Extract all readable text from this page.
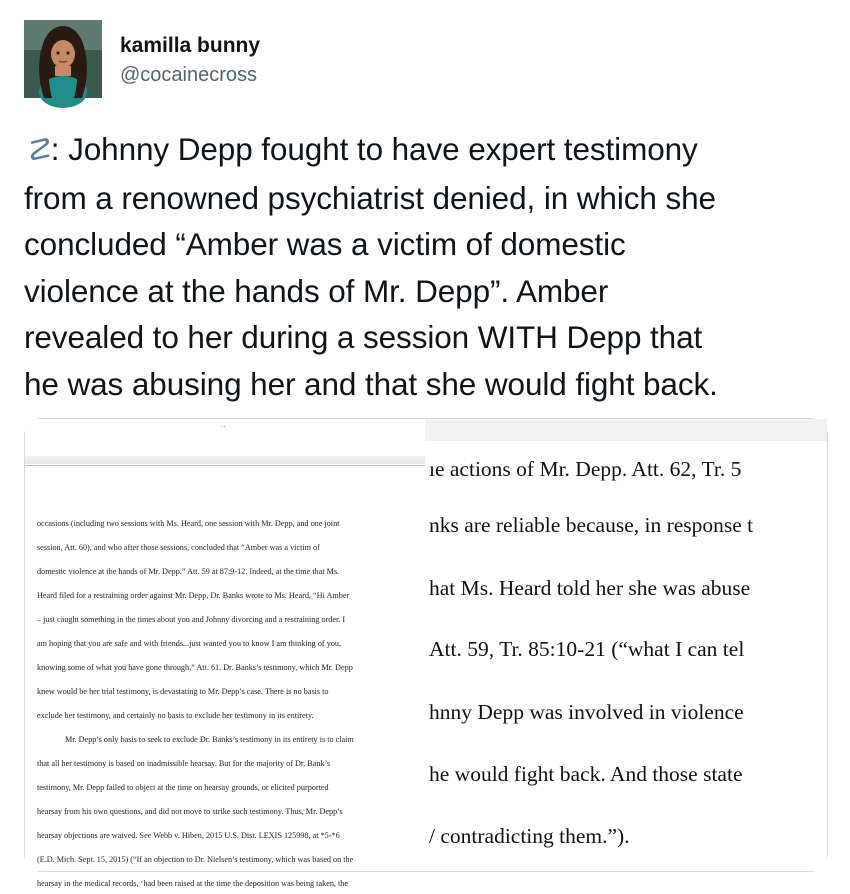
kamilla bunny
@cocainecross
☡: Johnny Depp fought to have expert testimony
from a renowned psychiatrist denied, in which she
concluded “Amber was a victim of domestic
violence at the hands of Mr. Depp”. Amber
revealed to her during a session WITH Depp that
he was abusing her and that she would fight back.
..
occasions (including two sessions with Ms. Heard, one session with Mr. Depp, and one joint
session, Att. 60), and who after those sessions, concluded that “Amber was a victim of
domestic violence at the hands of Mr. Depp.” Att. 59 at 87:9-12. Indeed, at the time that Ms.
Heard filed for a restraining order against Mr. Depp, Dr. Banks wrote to Ms. Heard, “Hi Amber
– just caught something in the times about you and Johnny divorcing and a restraining order. I
am hoping that you are safe and with friends...just wanted you to know I am thinking of you,
knowing some of what you have gone through.” Att. 61. Dr. Banks’s testimony, which Mr. Depp
knew would be her trial testimony, is devastating to Mr. Depp’s case. There is no basis to
exclude her testimony, and certainly no basis to exclude her testimony in its entirety.
Mr. Depp’s only basis to seek to exclude Dr. Banks’s testimony in its entirety is to claim
that all her testimony is based on inadmissible hearsay. But for the majority of Dr. Bank’s
testimony, Mr. Depp failed to object at the time on hearsay grounds, or elicited purported
hearsay from his own questions, and did not move to strike such testimony. Thus, Mr. Depp’s
hearsay objections are waived. See Webb v. Hiben, 2015 U.S. Dist. LEXIS 125998, at *5-*6
(E.D. Mich. Sept. 15, 2015) (“If an objection to Dr. Nielsen’s testimony, which was based on the
hearsay in the medical records, ‘had been raised at the time the deposition was being taken, the
ıe actions of Mr. Depp. Att. 62, Tr. 5
nks are reliable because, in response t
hat Ms. Heard told her she was abuse
Att. 59, Tr. 85:10-21 (“what I can tel
hnny Depp was involved in violence
he would fight back. And those state
/ contradicting them.”).
